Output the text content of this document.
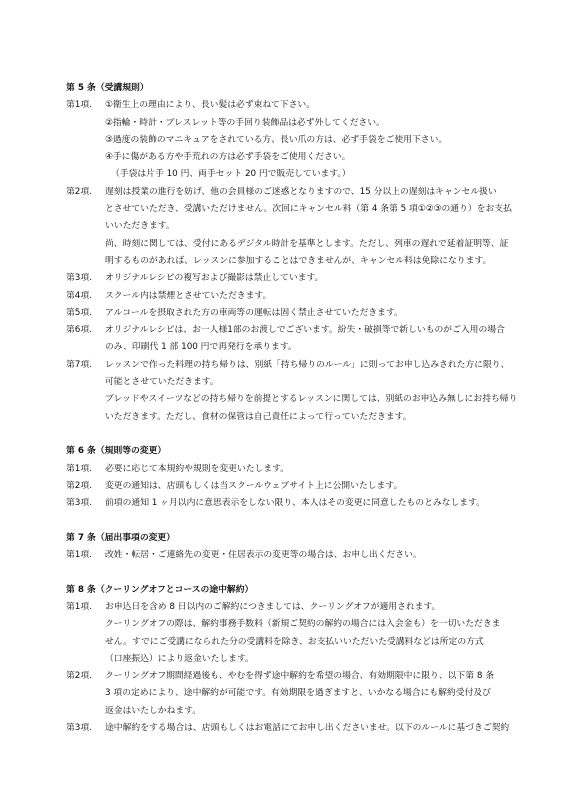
第 5 条（受講規則）
第1項.	①衛生上の理由により、長い髪は必ず束ねて下さい。
②指輪・時計・ブレスレット等の手回り装飾品は必ず外してください。
③過度の装飾のマニキュアをされている方、長い爪の方は、必ず手袋をご使用下さい。
④手に傷がある方や手荒れの方は必ず手袋をご使用ください。
（手袋は片手 10 円、両手セット 20 円で販売しています。）
第2項.	遅刻は授業の進行を妨げ、他の会員様のご迷惑となりますので、15 分以上の遅刻はキャンセル扱い
とさせていただき、受講いただけません。次回にキャンセル料（第 4 条第 5 項①②③の通り）をお支払
いいただきます。
尚、時刻に関しては、受付にあるデジタル時計を基準とします。ただし、列車の遅れで延着証明等、証
明するものがあれば、レッスンに参加することはできませんが、キャンセル料は免除になります。
第3項.	オリジナルレシピの複写および撮影は禁止しています。
第4項.	スクール内は禁煙とさせていただきます。
第5項.	アルコールを摂取された方の車両等の運転は固く禁止させていただきます。
第6項.	オリジナルレシピは、お一人様1部のお渡しでございます。紛失・破損等で新しいものがご入用の場合
のみ、印刷代 1 部 100 円で再発行を承ります。
第7項.	レッスンで作った料理の持ち帰りは、別紙「持ち帰りのルール」に則ってお申し込みされた方に限り、
可能とさせていただきます。
ブレッドやスイーツなどの持ち帰りを前提とするレッスンに関しては、別紙のお申込み無しにお持ち帰り
いただきます。ただし、食材の保管は自己責任によって行っていただきます。
第 6 条（規則等の変更）
第1項.	必要に応じて本規約や規則を変更いたします。
第2項.	変更の通知は、店頭もしくは当スクールウェブサイト上に公開いたします。
第3項.	前項の通知 1 ヶ月以内に意思表示をしない限り、本人はその変更に同意したものとみなします。
第 7 条（届出事項の変更）
第1項.	改姓・転居・ご連絡先の変更・住居表示の変更等の場合は、お申し出ください。
第 8 条（クーリングオフとコースの途中解約）
第1項.	お申込日を含め 8 日以内のご解約につきましては、クーリングオフが適用されます。
クーリングオフの際は、解約事務手数料（新規ご契約の解約の場合には入会金も）を一切いただきま
せん。すでにご受講になられた分の受講料を除き、お支払いいただいた受講料などは所定の方式
（口座振込）により返金いたします。
第2項.	クーリングオフ期間経過後も、やむを得ず途中解約を希望の場合、有効期限中に限り、以下第 8 条
3 項の定めにより、途中解約が可能です。有効期限を過ぎますと、いかなる場合にも解約受付及び
返金はいたしかねます。
第3項.	途中解約をする場合は、店頭もしくはお電話にてお申し出くださいませ。以下のルールに基づきご契約
